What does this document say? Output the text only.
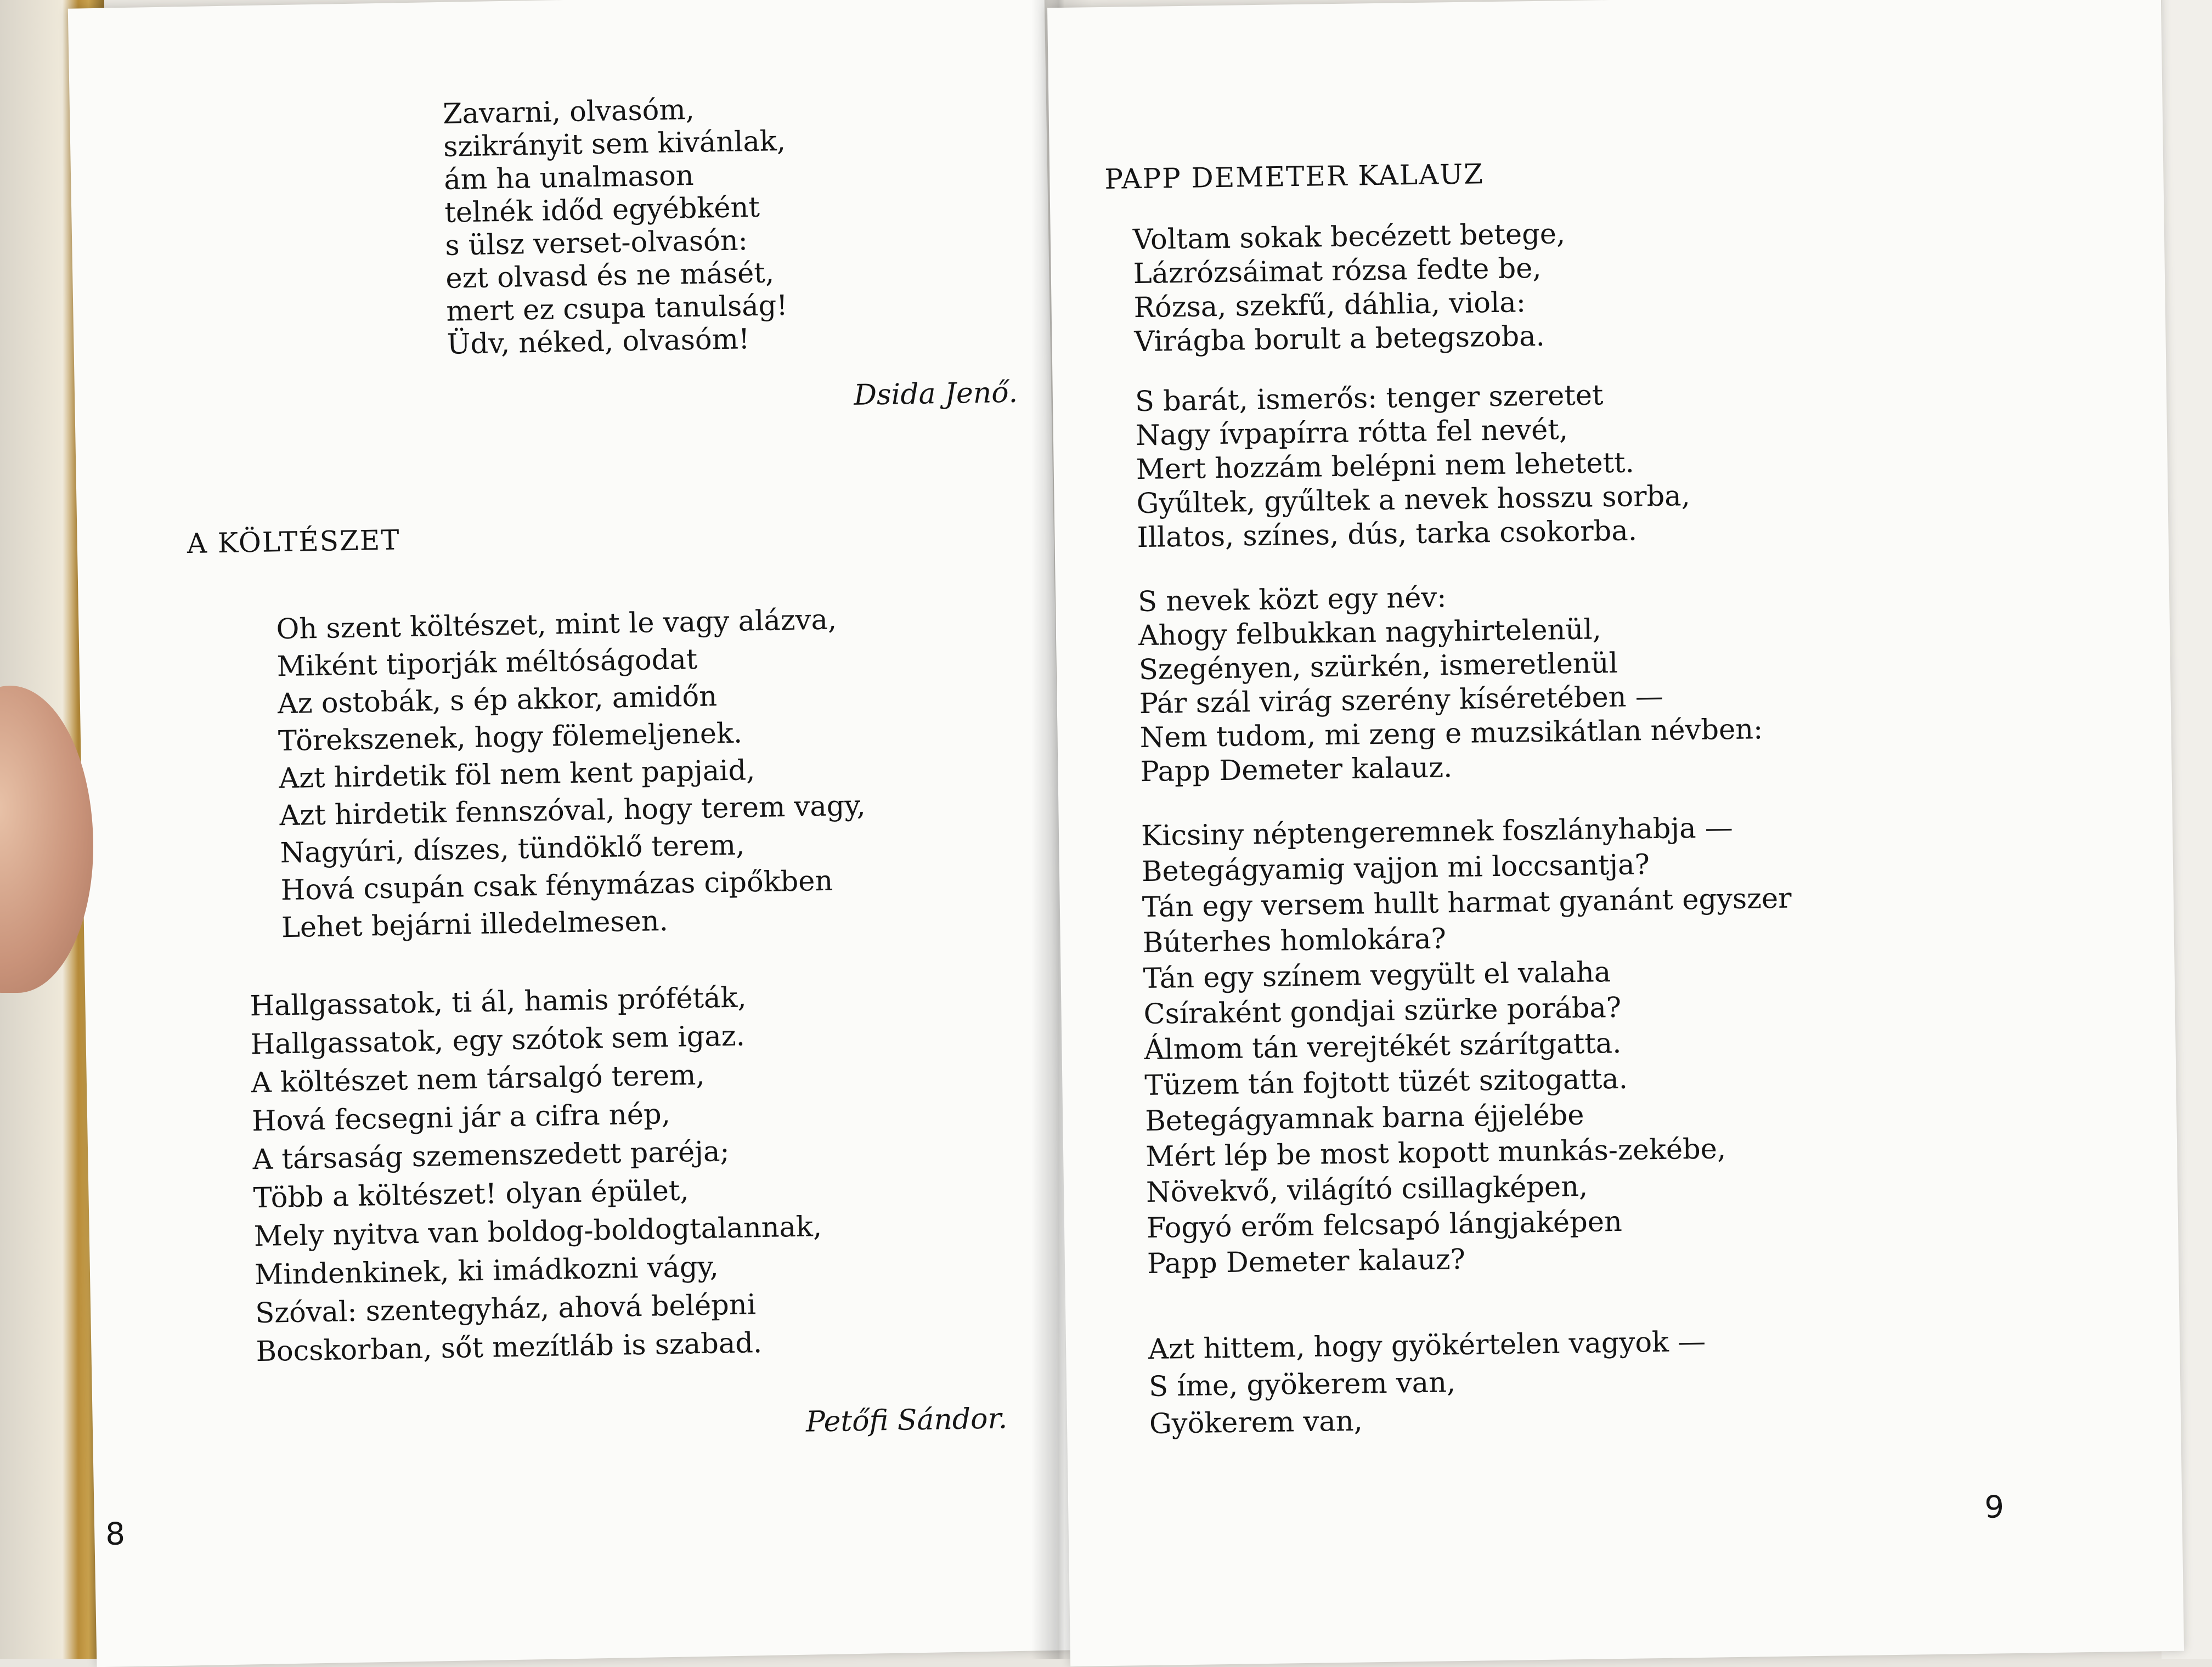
Zavarni, olvasóm,
szikrányit sem kivánlak,
ám ha unalmason
telnék időd egyébként
s ülsz verset-olvasón:
ezt olvasd és ne másét,
mert ez csupa tanulság!
Üdv, néked, olvasóm!
Dsida Jenő.
A KÖLTÉSZET
Oh szent költészet, mint le vagy alázva,
Miként tiporják méltóságodat
Az ostobák, s ép akkor, amidőn
Törekszenek, hogy fölemeljenek.
Azt hirdetik föl nem kent papjaid,
Azt hirdetik fennszóval, hogy terem vagy,
Nagyúri, díszes, tündöklő terem,
Hová csupán csak fénymázas cipőkben
Lehet bejárni illedelmesen.
Hallgassatok, ti ál, hamis próféták,
Hallgassatok, egy szótok sem igaz.
A költészet nem társalgó terem,
Hová fecsegni jár a cifra nép,
A társaság szemenszedett paréja;
Több a költészet! olyan épület,
Mely nyitva van boldog-boldogtalannak,
Mindenkinek, ki imádkozni vágy,
Szóval: szentegyház, ahová belépni
Bocskorban, sőt mezítláb is szabad.
Petőfi Sándor.
8
PAPP DEMETER KALAUZ
Voltam sokak becézett betege,
Lázrózsáimat rózsa fedte be,
Rózsa, szekfű, dáhlia, viola:
Virágba borult a betegszoba.
S barát, ismerős: tenger szeretet
Nagy ívpapírra rótta fel nevét,
Mert hozzám belépni nem lehetett.
Gyűltek, gyűltek a nevek hosszu sorba,
Illatos, színes, dús, tarka csokorba.
S nevek közt egy név:
Ahogy felbukkan nagyhirtelenül,
Szegényen, szürkén, ismeretlenül
Pár szál virág szerény kíséretében —
Nem tudom, mi zeng e muzsikátlan névben:
Papp Demeter kalauz.
Kicsiny néptengeremnek foszlányhabja —
Betegágyamig vajjon mi loccsantja?
Tán egy versem hullt harmat gyanánt egyszer
Búterhes homlokára?
Tán egy színem vegyült el valaha
Csíraként gondjai szürke porába?
Álmom tán verejtékét szárítgatta.
Tüzem tán fojtott tüzét szitogatta.
Betegágyamnak barna éjjelébe
Mért lép be most kopott munkás-zekébe,
Növekvő, világító csillagképen,
Fogyó erőm felcsapó lángjaképen
Papp Demeter kalauz?
Azt hittem, hogy gyökértelen vagyok —
S íme, gyökerem van,
Gyökerem van,
9
